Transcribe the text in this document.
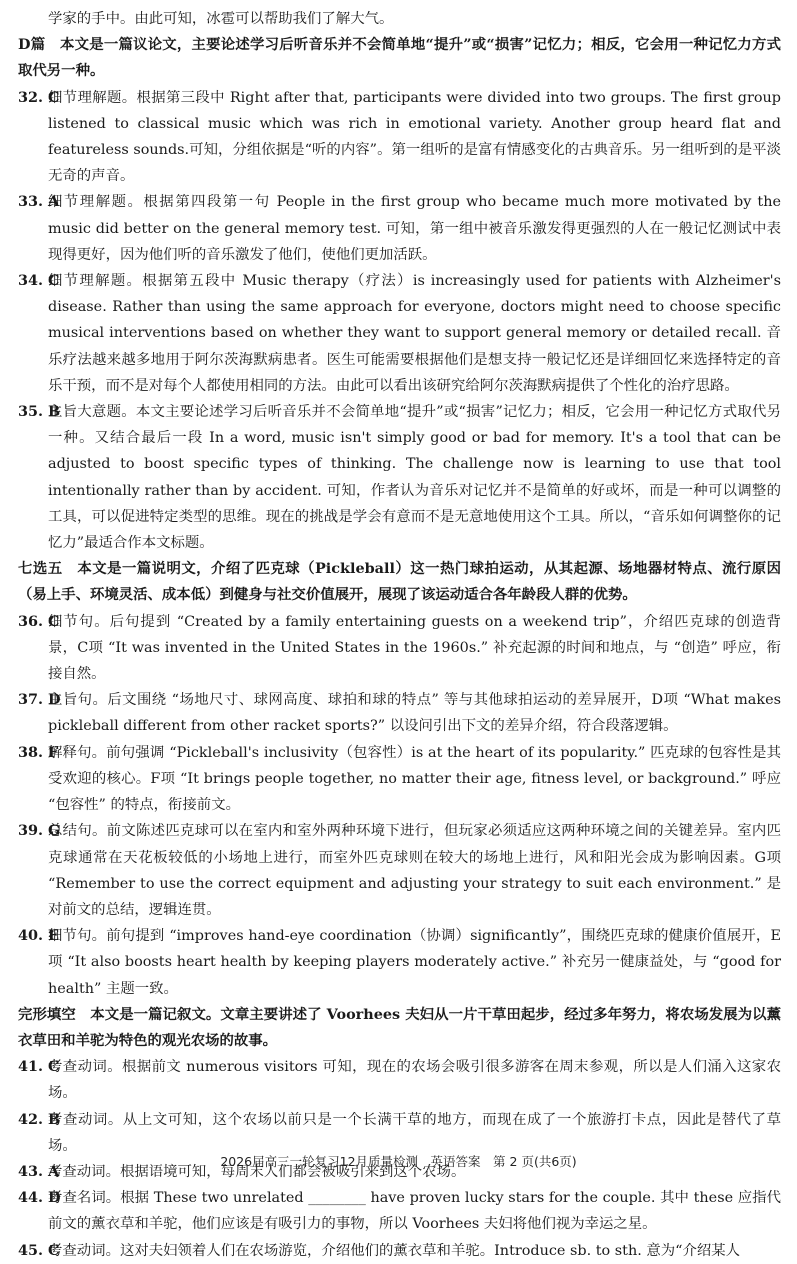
学家的手中。由此可知，冰雹可以帮助我们了解大气。

D篇　本文是一篇议论文，主要论述学习后听音乐并不会简单地“提升”或“损害”记忆力；相反，它会用一种记忆力方式取代另一种。

32. C
细节理解题。根据第三段中 Right after that, participants were divided into two groups. The first group listened to classical music which was rich in emotional variety. Another group heard flat and featureless sounds.可知，分组依据是“听的内容”。第一组听的是富有情感变化的古典音乐。另一组听到的是平淡无奇的声音。
33. A
细节理解题。根据第四段第一句 People in the first group who became much more motivated by the music did better on the general memory test. 可知，第一组中被音乐激发得更强烈的人在一般记忆测试中表现得更好，因为他们听的音乐激发了他们，使他们更加活跃。
34. C
细节理解题。根据第五段中 Music therapy（疗法）is increasingly used for patients with Alzheimer's disease. Rather than using the same approach for everyone, doctors might need to choose specific musical interventions based on whether they want to support general memory or detailed recall. 音乐疗法越来越多地用于阿尔茨海默病患者。医生可能需要根据他们是想支持一般记忆还是详细回忆来选择特定的音乐干预，而不是对每个人都使用相同的方法。由此可以看出该研究给阿尔茨海默病提供了个性化的治疗思路。
35. B
主旨大意题。本文主要论述学习后听音乐并不会简单地“提升”或“损害”记忆力；相反，它会用一种记忆方式取代另一种。又结合最后一段 In a word, music isn't simply good or bad for memory. It's a tool that can be adjusted to boost specific types of thinking. The challenge now is learning to use that tool intentionally rather than by accident. 可知，作者认为音乐对记忆并不是简单的好或坏，而是一种可以调整的工具，可以促进特定类型的思维。现在的挑战是学会有意而不是无意地使用这个工具。所以，“音乐如何调整你的记忆力”最适合作本文标题。

七选五　本文是一篇说明文，介绍了匹克球（Pickleball）这一热门球拍运动，从其起源、场地器材特点、流行原因（易上手、环境灵活、成本低）到健身与社交价值展开，展现了该运动适合各年龄段人群的优势。

36. C
细节句。后句提到 “Created by a family entertaining guests on a weekend trip”，介绍匹克球的创造背景，C项 “It was invented in the United States in the 1960s.” 补充起源的时间和地点，与 “创造” 呼应，衔接自然。
37. D
主旨句。后文围绕 “场地尺寸、球网高度、球拍和球的特点” 等与其他球拍运动的差异展开，D项 “What makes pickleball different from other racket sports?” 以设问引出下文的差异介绍，符合段落逻辑。
38. F
解释句。前句强调 “Pickleball's inclusivity（包容性）is at the heart of its popularity.” 匹克球的包容性是其受欢迎的核心。F项 “It brings people together, no matter their age, fitness level, or background.” 呼应 “包容性” 的特点，衔接前文。
39. G
总结句。前文陈述匹克球可以在室内和室外两种环境下进行，但玩家必须适应这两种环境之间的关键差异。室内匹克球通常在天花板较低的小场地上进行，而室外匹克球则在较大的场地上进行，风和阳光会成为影响因素。G项 “Remember to use the correct equipment and adjusting your strategy to suit each environment.” 是对前文的总结，逻辑连贯。
40. E
细节句。前句提到 “improves hand-eye coordination（协调）significantly”，围绕匹克球的健康价值展开，E项 “It also boosts heart health by keeping players moderately active.” 补充另一健康益处，与 “good for health” 主题一致。

完形填空　本文是一篇记叙文。文章主要讲述了 Voorhees 夫妇从一片干草田起步，经过多年努力，将农场发展为以薰衣草田和羊驼为特色的观光农场的故事。

41. C
考查动词。根据前文 numerous visitors 可知，现在的农场会吸引很多游客在周末参观，所以是人们涌入这家农场。
42. B
考查动词。从上文可知，这个农场以前只是一个长满干草的地方，而现在成了一个旅游打卡点，因此是替代了草场。
43. A
考查动词。根据语境可知，每周末人们都会被吸引来到这个农场。
44. D
考查名词。根据 These two unrelated ________ have proven lucky stars for the couple. 其中 these 应指代前文的薰衣草和羊驼，他们应该是有吸引力的事物，所以 Voorhees 夫妇将他们视为幸运之星。
45. C
考查动词。这对夫妇领着人们在农场游览，介绍他们的薰衣草和羊驼。Introduce sb. to sth. 意为“介绍某人
2026届高三一轮复习12月质量检测　英语答案　第 2 页(共6页)
